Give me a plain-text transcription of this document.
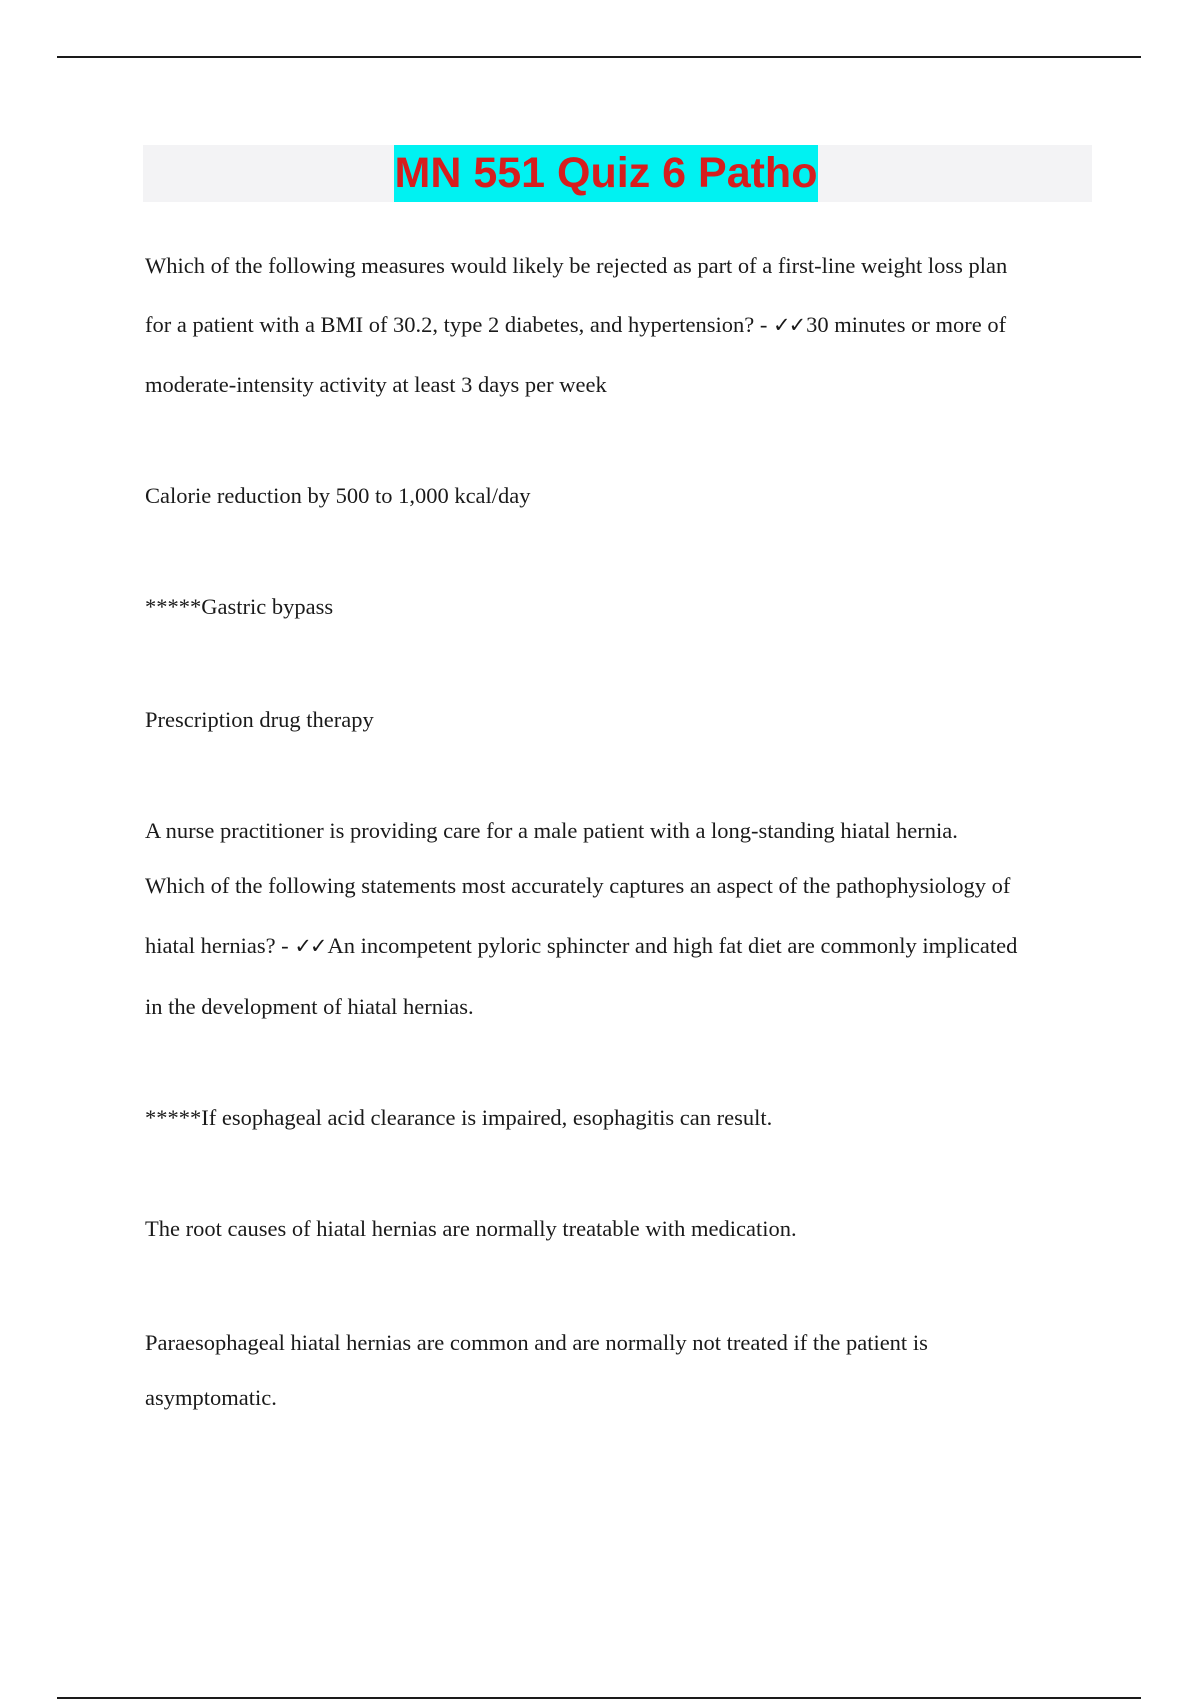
MN 551 Quiz 6 Patho
Which of the following measures would likely be rejected as part of a first-line weight loss plan
for a patient with a BMI of 30.2, type 2 diabetes, and hypertension? - ✓✓30 minutes or more of
moderate-intensity activity at least 3 days per week
Calorie reduction by 500 to 1,000 kcal/day
*****Gastric bypass
Prescription drug therapy
A nurse practitioner is providing care for a male patient with a long-standing hiatal hernia.
Which of the following statements most accurately captures an aspect of the pathophysiology of
hiatal hernias? - ✓✓An incompetent pyloric sphincter and high fat diet are commonly implicated
in the development of hiatal hernias.
*****If esophageal acid clearance is impaired, esophagitis can result.
The root causes of hiatal hernias are normally treatable with medication.
Paraesophageal hiatal hernias are common and are normally not treated if the patient is
asymptomatic.
